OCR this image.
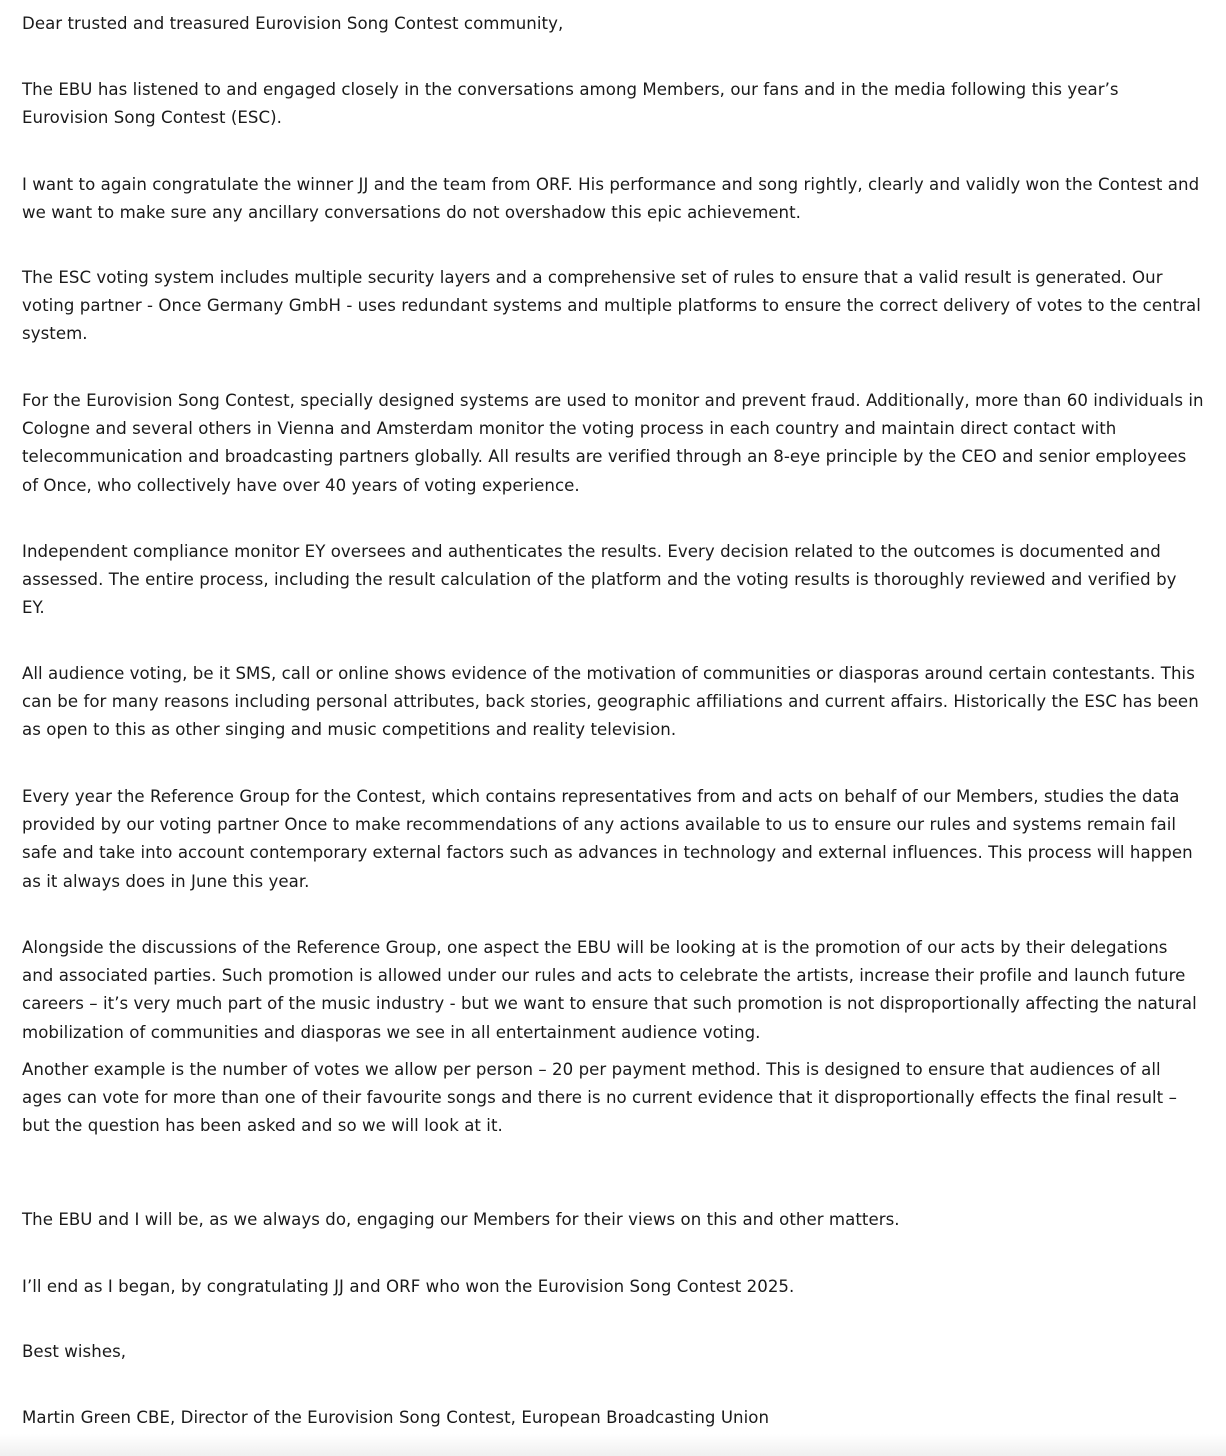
Dear trusted and treasured Eurovision Song Contest community,

The EBU has listened to and engaged closely in the conversations among Members, our fans and in the media following this year’s Eurovision Song Contest (ESC).

I want to again congratulate the winner JJ and the team from ORF. His performance and song rightly, clearly and validly won the Contest and we want to make sure any ancillary conversations do not overshadow this epic achievement.

The ESC voting system includes multiple security layers and a comprehensive set of rules to ensure that a valid result is generated. Our voting partner - Once Germany GmbH - uses redundant systems and multiple platforms to ensure the correct delivery of votes to the central system.

For the Eurovision Song Contest, specially designed systems are used to monitor and prevent fraud. Additionally, more than 60 individuals in Cologne and several others in Vienna and Amsterdam monitor the voting process in each country and maintain direct contact with telecommunication and broadcasting partners globally. All results are verified through an 8-eye principle by the CEO and senior employees of Once, who collectively have over 40 years of voting experience.

Independent compliance monitor EY oversees and authenticates the results. Every decision related to the outcomes is documented and assessed. The entire process, including the result calculation of the platform and the voting results is thoroughly reviewed and verified by EY.

All audience voting, be it SMS, call or online shows evidence of the motivation of communities or diasporas around certain contestants. This can be for many reasons including personal attributes, back stories, geographic affiliations and current affairs. Historically the ESC has been as open to this as other singing and music competitions and reality television.

Every year the Reference Group for the Contest, which contains representatives from and acts on behalf of our Members, studies the data provided by our voting partner Once to make recommendations of any actions available to us to ensure our rules and systems remain fail safe and take into account contemporary external factors such as advances in technology and external influences. This process will happen as it always does in June this year.

Alongside the discussions of the Reference Group, one aspect the EBU will be looking at is the promotion of our acts by their delegations and associated parties. Such promotion is allowed under our rules and acts to celebrate the artists, increase their profile and launch future careers – it’s very much part of the music industry - but we want to ensure that such promotion is not disproportionally affecting the natural mobilization of communities and diasporas we see in all entertainment audience voting.

Another example is the number of votes we allow per person – 20 per payment method. This is designed to ensure that audiences of all ages can vote for more than one of their favourite songs and there is no current evidence that it disproportionally effects the final result – but the question has been asked and so we will look at it.

The EBU and I will be, as we always do, engaging our Members for their views on this and other matters.

I’ll end as I began, by congratulating JJ and ORF who won the Eurovision Song Contest 2025.

Best wishes,

Martin Green CBE, Director of the Eurovision Song Contest, European Broadcasting Union
